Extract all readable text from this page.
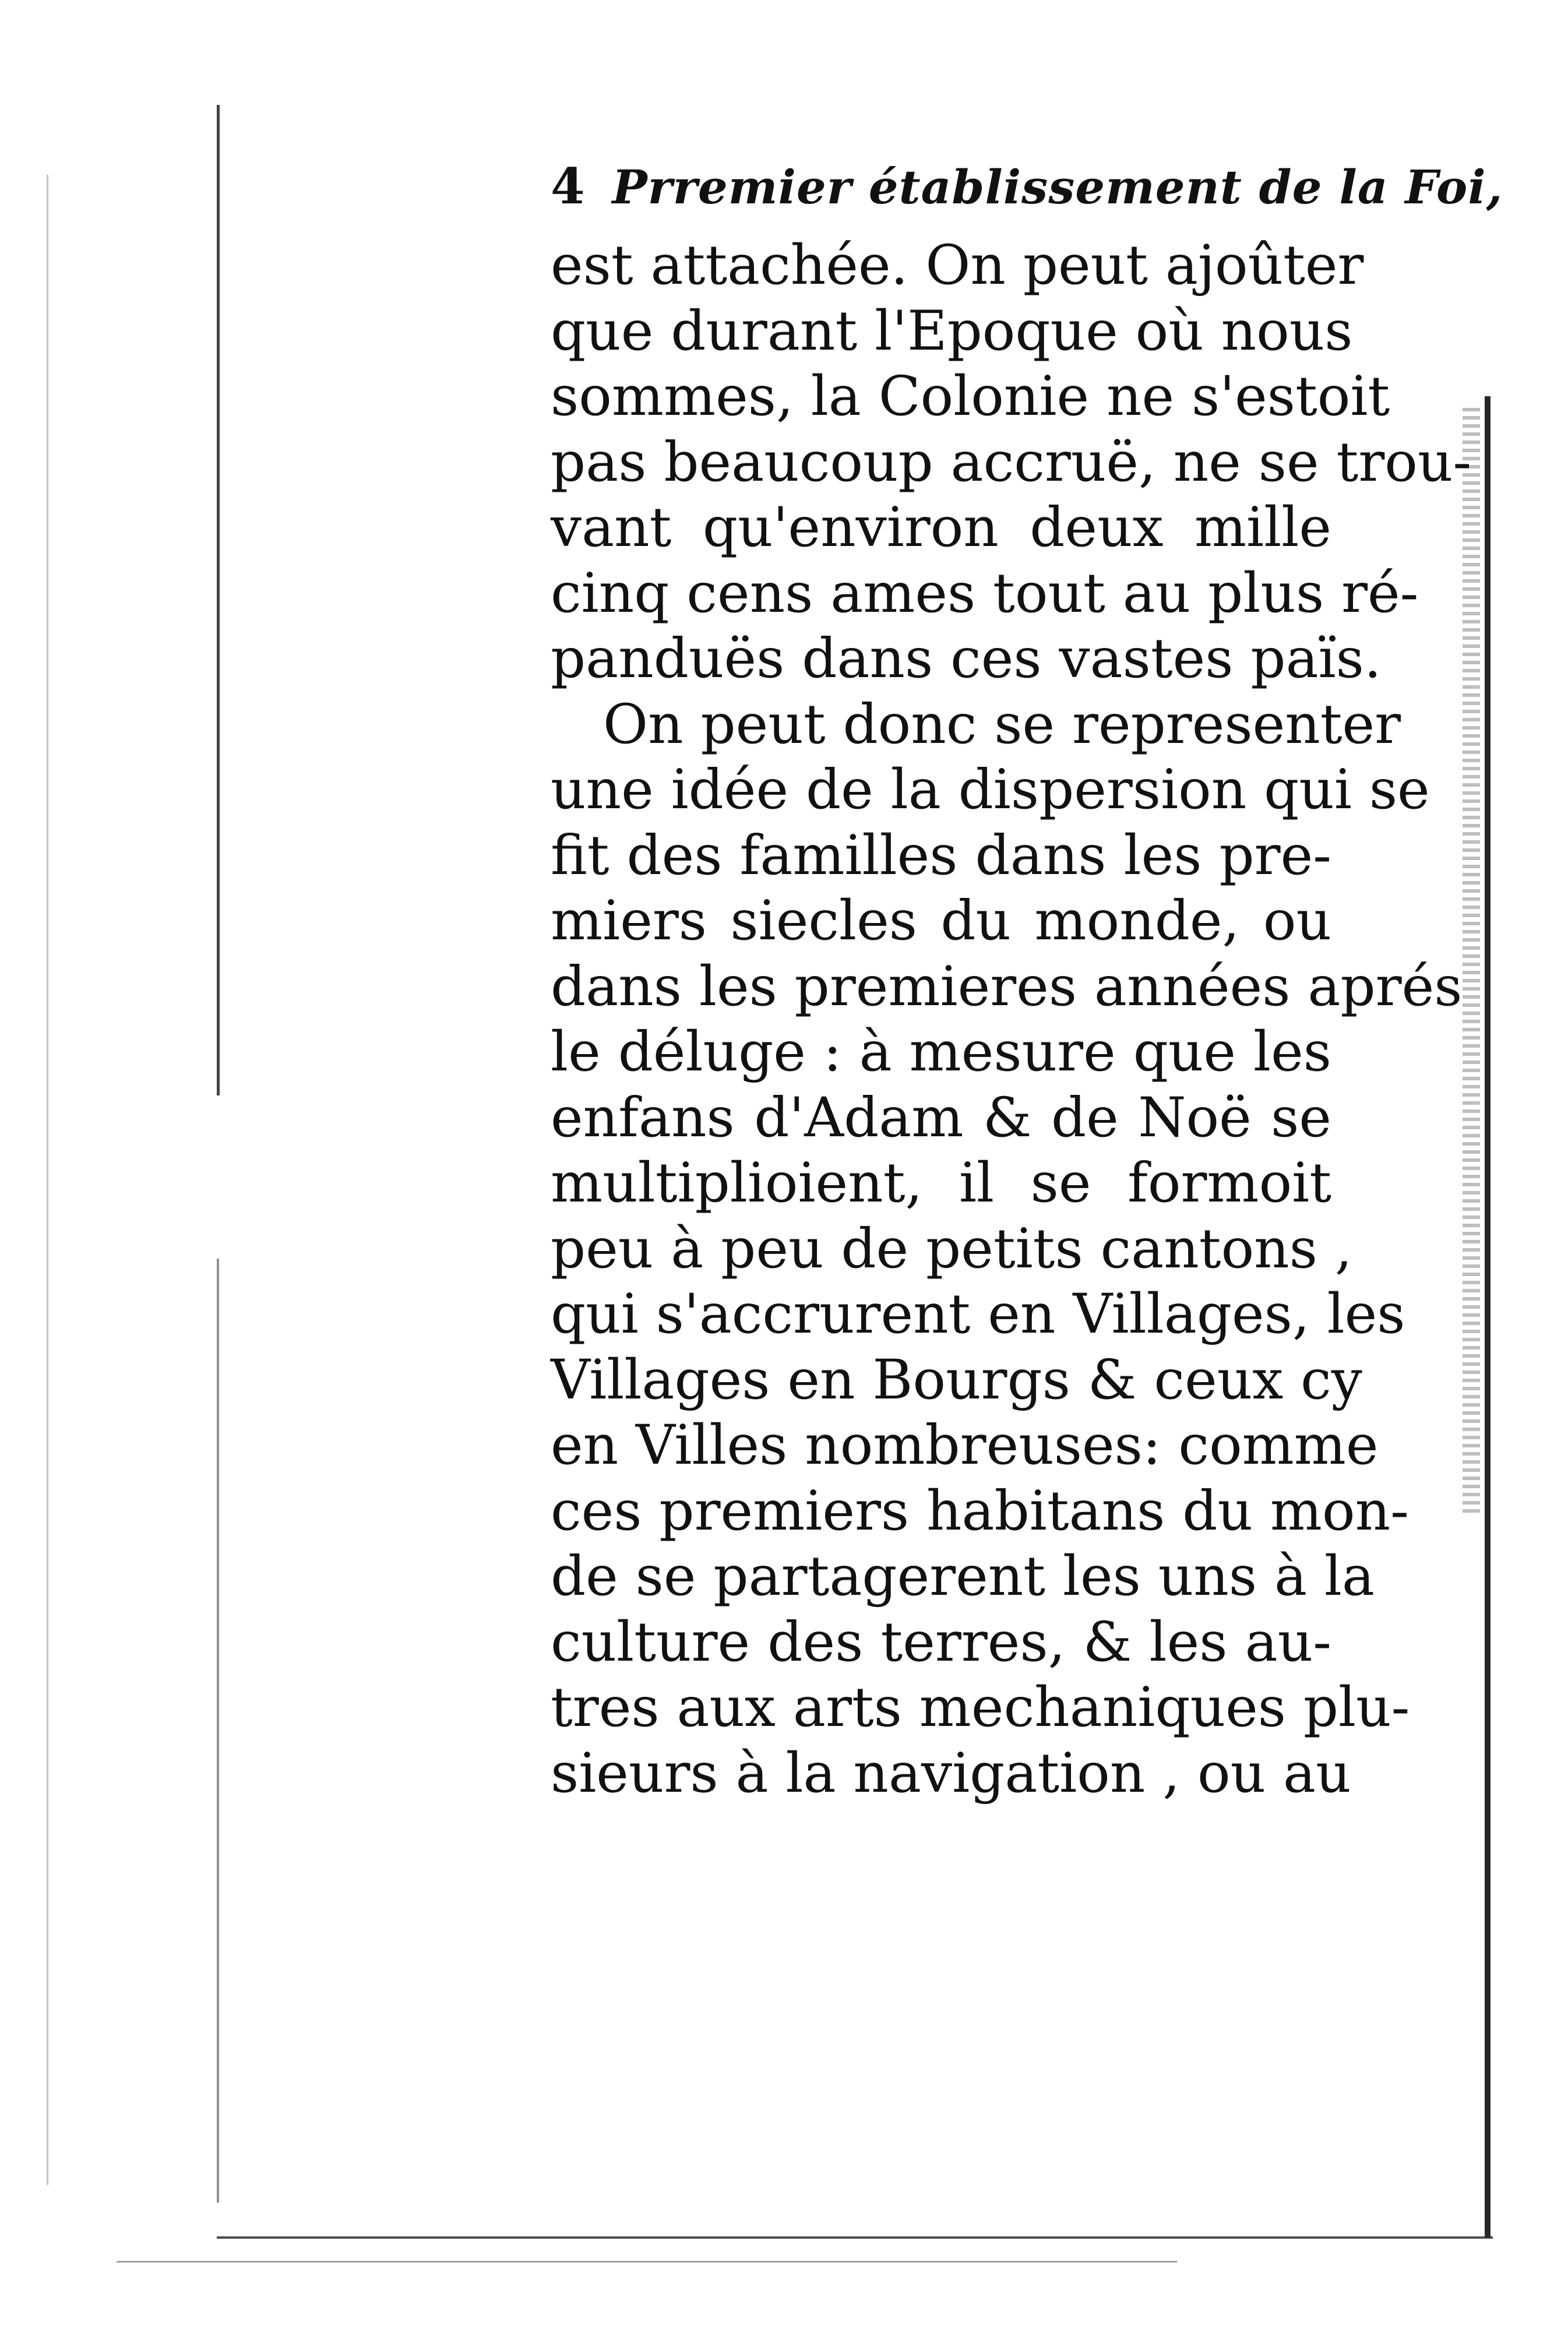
4 Prremier établissement de la Foi,
est attachée. On peut ajoûter
que durant l'Epoque où nous
sommes, la Colonie ne s'estoit
pas beaucoup accruë, ne se trou-
vant qu'environ deux mille
cinq cens ames tout au plus ré-
panduës dans ces vastes païs.
On peut donc se representer
une idée de la dispersion qui se
fit des familles dans les pre-
miers siecles du monde, ou
dans les premieres années aprés
le déluge : à mesure que les
enfans d'Adam & de Noë se
multiplioient, il se formoit
peu à peu de petits cantons ,
qui s'accrurent en Villages, les
Villages en Bourgs & ceux cy
en Villes nombreuses: comme
ces premiers habitans du mon-
de se partagerent les uns à la
culture des terres, & les au-
tres aux arts mechaniques plu-
sieurs à la navigation , ou au
